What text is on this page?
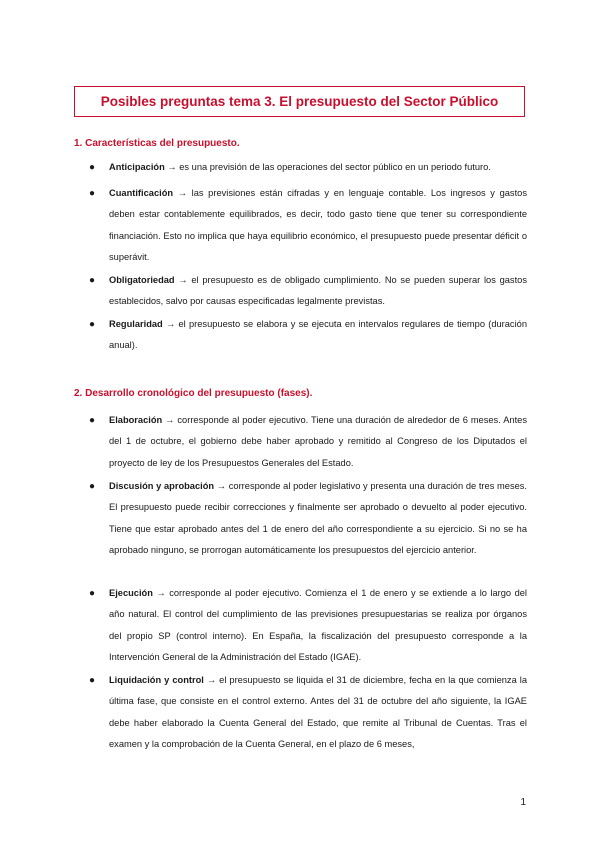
Posibles preguntas tema 3. El presupuesto del Sector Público
1. Características del presupuesto.
● Anticipación → es una previsión de las operaciones del sector público en un periodo futuro.
● Cuantificación → las previsiones están cifradas y en lenguaje contable. Los ingresos y gastos deben estar contablemente equilibrados, es decir, todo gasto tiene que tener su correspondiente financiación. Esto no implica que haya equilibrio económico, el presupuesto puede presentar déficit o superávit.
● Obligatoriedad → el presupuesto es de obligado cumplimiento. No se pueden superar los gastos establecidos, salvo por causas especificadas legalmente previstas.
● Regularidad → el presupuesto se elabora y se ejecuta en intervalos regulares de tiempo (duración anual).
2. Desarrollo cronológico del presupuesto (fases).
● Elaboración → corresponde al poder ejecutivo. Tiene una duración de alrededor de 6 meses. Antes del 1 de octubre, el gobierno debe haber aprobado y remitido al Congreso de los Diputados el proyecto de ley de los Presupuestos Generales del Estado.
● Discusión y aprobación → corresponde al poder legislativo y presenta una duración de tres meses. El presupuesto puede recibir correcciones y finalmente ser aprobado o devuelto al poder ejecutivo. Tiene que estar aprobado antes del 1 de enero del año correspondiente a su ejercicio. Si no se ha aprobado ninguno, se prorrogan automáticamente los presupuestos del ejercicio anterior.
● Ejecución → corresponde al poder ejecutivo. Comienza el 1 de enero y se extiende a lo largo del año natural. El control del cumplimiento de las previsiones presupuestarias se realiza por órganos del propio SP (control interno). En España, la fiscalización del presupuesto corresponde a la Intervención General de la Administración del Estado (IGAE).
● Liquidación y control → el presupuesto se liquida el 31 de diciembre, fecha en la que comienza la última fase, que consiste en el control externo. Antes del 31 de octubre del año siguiente, la IGAE debe haber elaborado la Cuenta General del Estado, que remite al Tribunal de Cuentas. Tras el examen y la comprobación de la Cuenta General, en el plazo de 6 meses,
1
